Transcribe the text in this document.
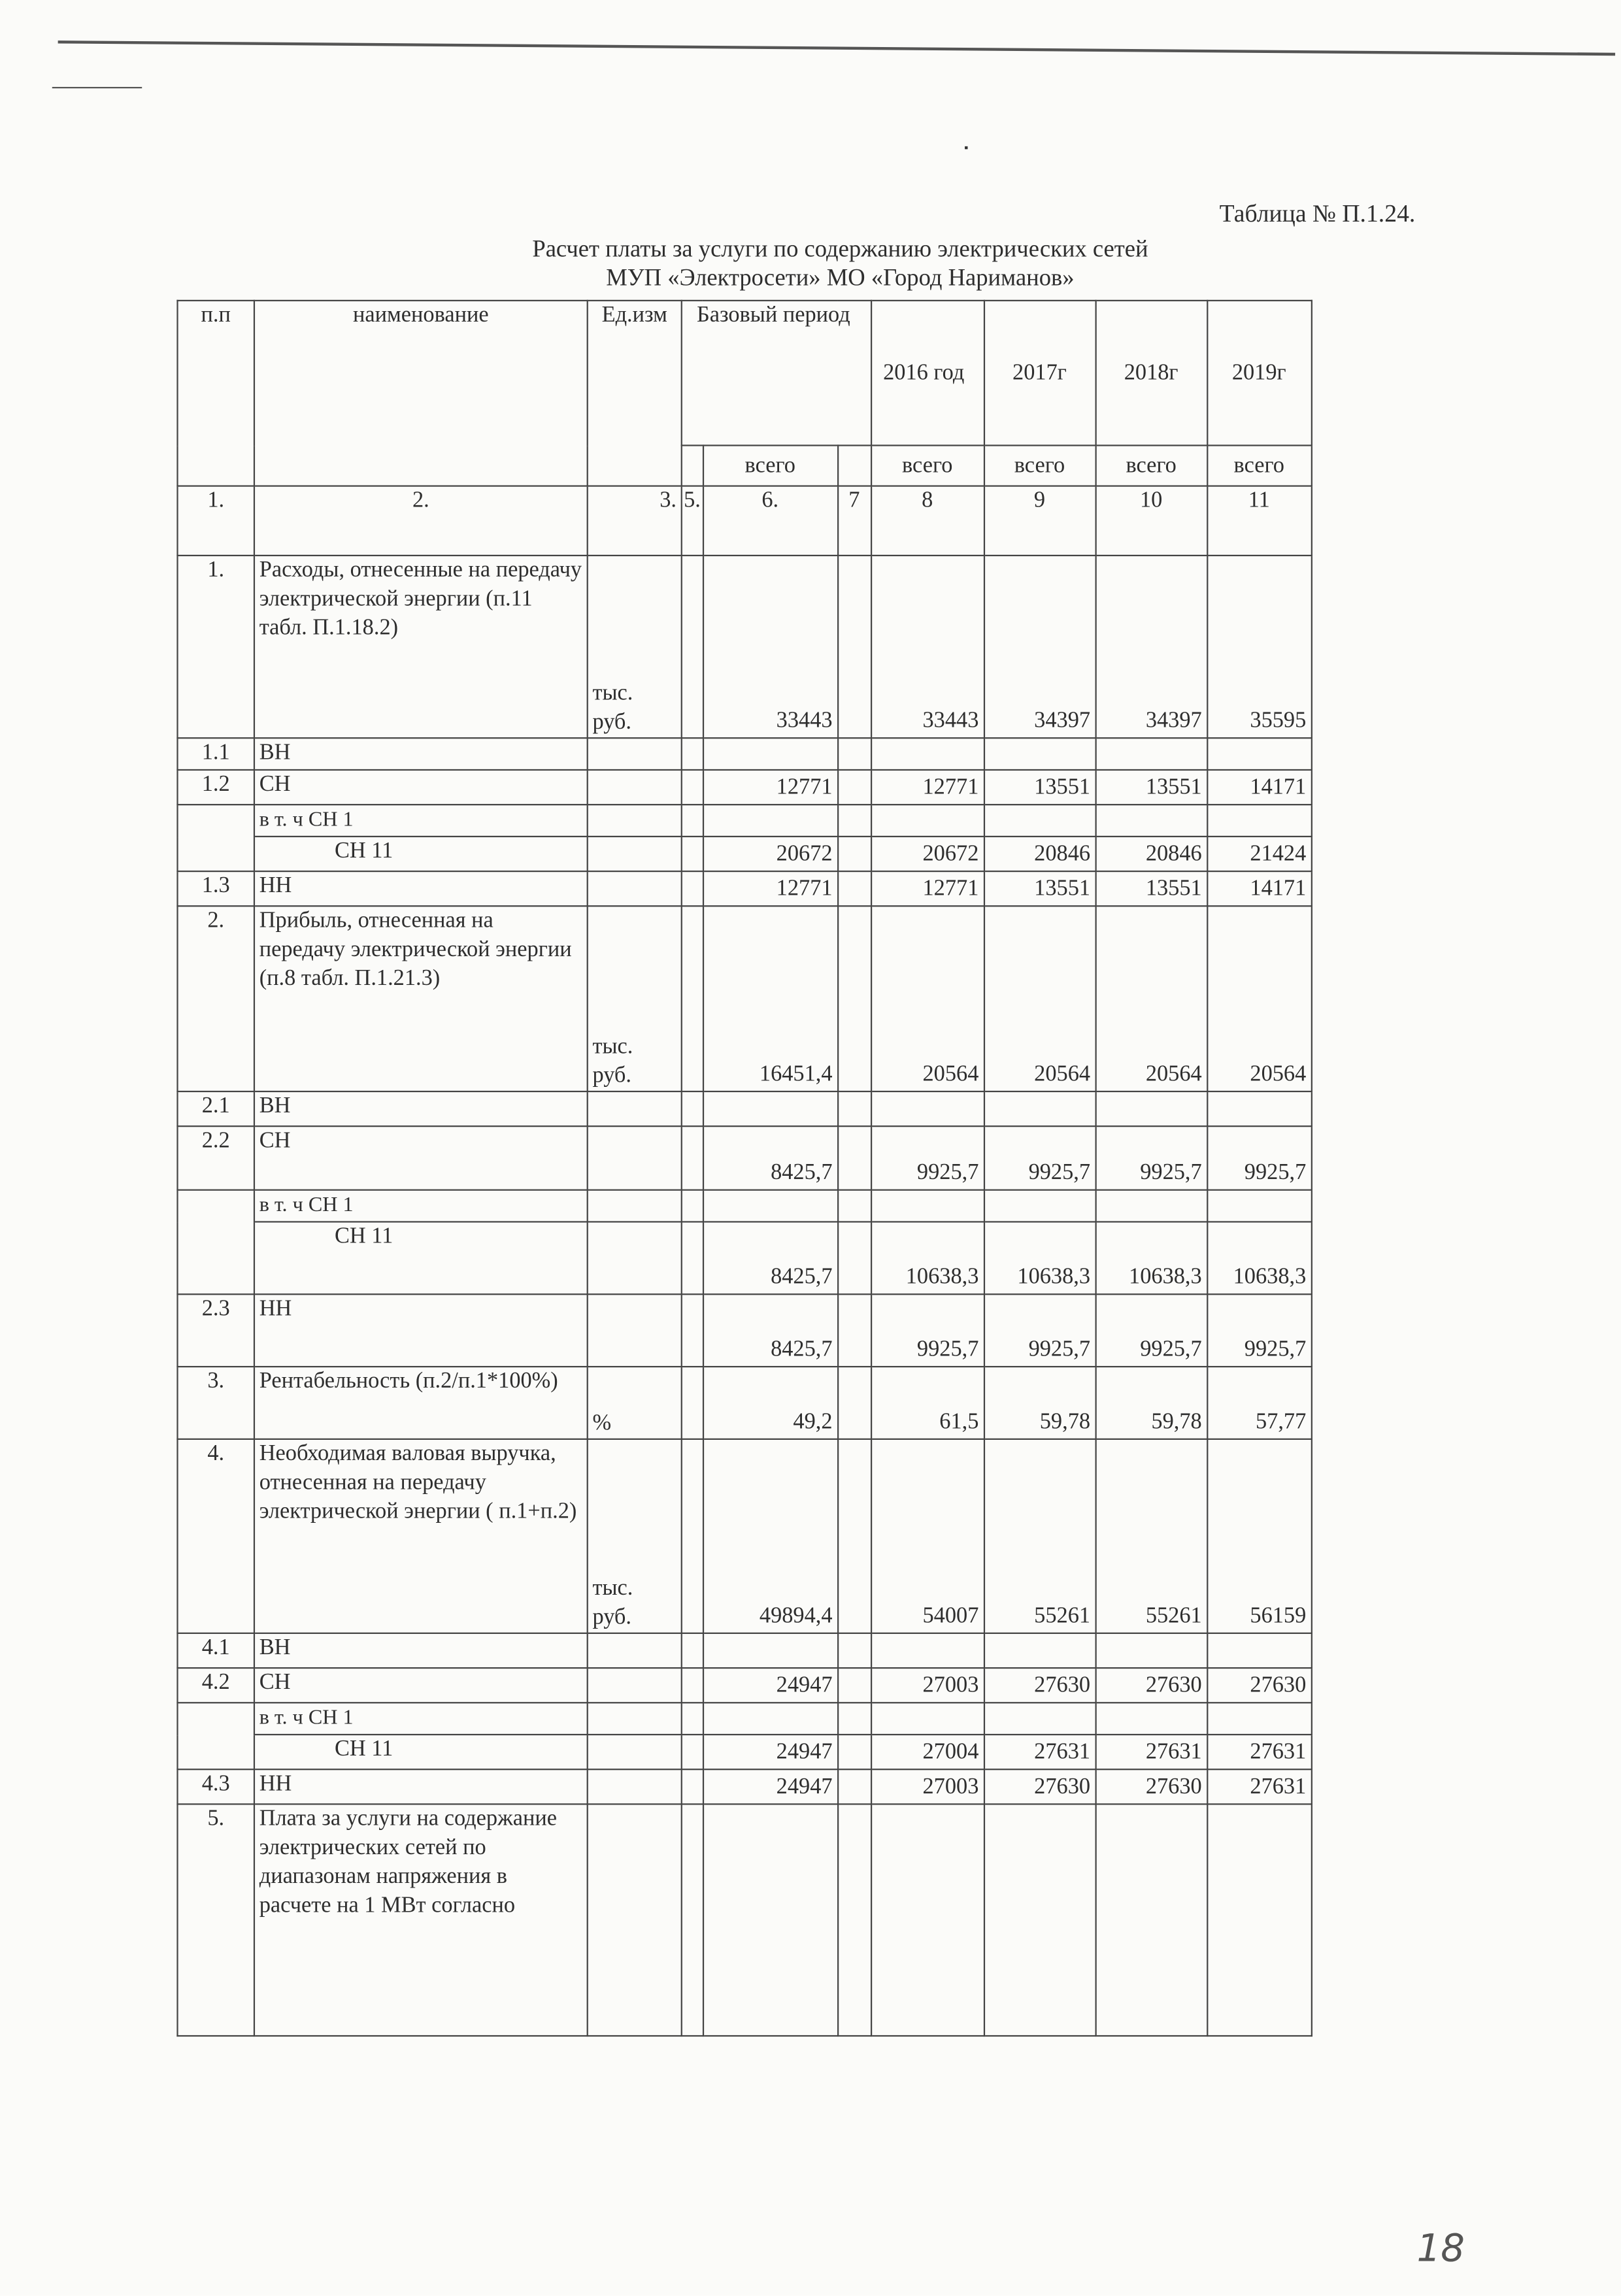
Таблица № П.1.24.
Расчет платы за услуги по содержанию электрических сетей
МУП «Электросети» МО «Город Нариманов»
п.п	наименование	Ед.изм	Базовый период			2016 год	2017г	2018г	2019г
				всего		всего	всего	всего	всего
1.	2.	3.	5.	6.	7	8	9	10	11
1.	Расходы, отнесенные на передачу электрической энергии (п.11 табл. П.1.18.2)	тыс. руб.		33443		33443	34397	34397	35595
1.1	ВН								
1.2	СН			12771		12771	13551	13551	14171
	в т. ч СН 1								
	СН 11			20672		20672	20846	20846	21424
1.3	НН			12771		12771	13551	13551	14171
2.	Прибыль, отнесенная на передачу электрической энергии (п.8 табл. П.1.21.3)	тыс. руб.		16451,4		20564	20564	20564	20564
2.1	ВН								
2.2	СН			8425,7		9925,7	9925,7	9925,7	9925,7
	в т. ч СН 1								
	СН 11			8425,7		10638,3	10638,3	10638,3	10638,3
2.3	НН			8425,7		9925,7	9925,7	9925,7	9925,7
3.	Рентабельность (п.2/п.1*100%)	%		49,2		61,5	59,78	59,78	57,77
4.	Необходимая валовая выручка, отнесенная на передачу электрической энергии ( п.1+п.2)	тыс. руб.		49894,4		54007	55261	55261	56159
4.1	ВН								
4.2	СН			24947		27003	27630	27630	27630
	в т. ч СН 1								
	СН 11			24947		27004	27631	27631	27631
4.3	НН			24947		27003	27630	27630	27631
5.	Плата за услуги на содержание электрических сетей по диапазонам напряжения в расчете на 1 МВт согласно								
18
